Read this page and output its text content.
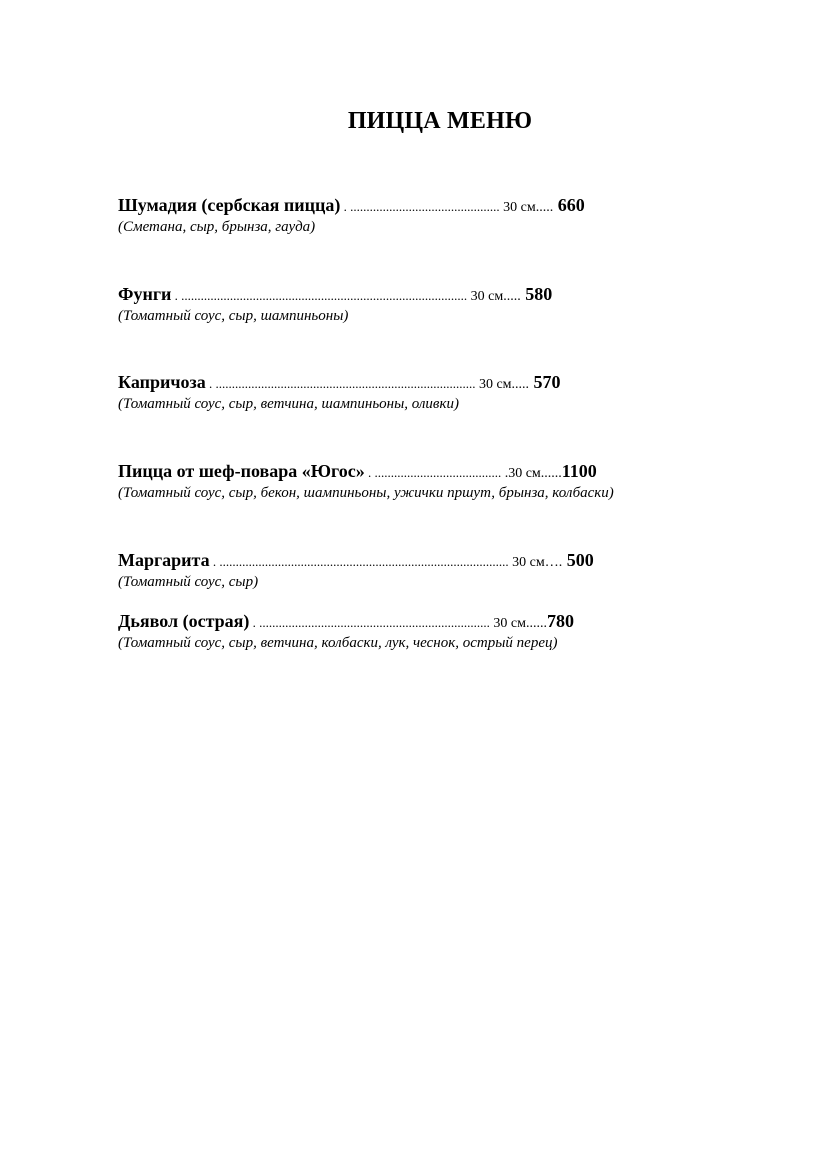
ПИЦЦА МЕНЮ
Шумадия (сербская пицца) . .............................................. 30 см..... 660
(Сметана, сыр, брынза, гауда)
Фунги . ........................................................................................ 30 см..... 580
(Томатный соус, сыр, шампиньоны)
Капричоза . ................................................................................ 30 см..... 570
(Томатный соус, сыр, ветчина, шампиньоны, оливки)
Пицца от шеф-повара «Югос» . ....................................... .30 см......1100
(Томатный соус, сыр, бекон, шампиньоны, ужички пршут, брынза, колбаски)
Маргарита . ......................................................................................... 30 см…. 500
(Томатный соус, сыр)
Дьявол (острая) . ....................................................................... 30 см......780
(Томатный соус, сыр, ветчина, колбаски, лук, чеснок, острый перец)
